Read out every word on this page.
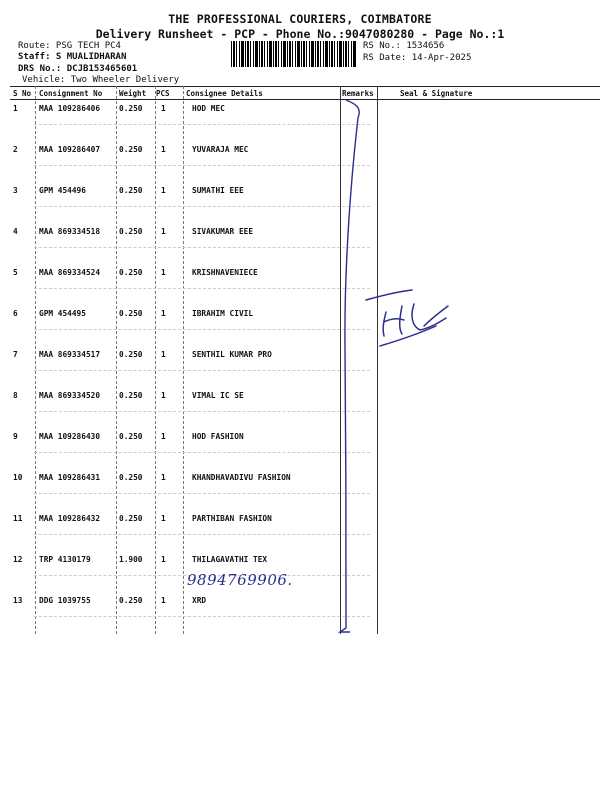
THE PROFESSIONAL COURIERS, COIMBATORE
Delivery Runsheet - PCP - Phone No.:9047080280 - Page No.:1
Route: PSG TECH PC4
Staff: S MUALIDHARAN
DRS No.: DCJB153465601
Vehicle: Two Wheeler Delivery
RS No.: 1534656
RS Date: 14-Apr-2025
S No Consignment No Weight PCS Consignee Details	Remarks	Seal & Signature
1	MAA 109286406 0.250 1	HOD MEC
2	MAA 109286407 0.250 1	YUVARAJA MEC
3	GPM 454496	0.250 1	SUMATHI EEE
4	MAA 869334518 0.250 1	SIVAKUMAR EEE
5	MAA 869334524 0.250 1	KRISHNAVENIECE
6	GPM 454495	0.250 1	IBRAHIM CIVIL
7	MAA 869334517 0.250 1	SENTHIL KUMAR PRO
8	MAA 869334520 0.250 1	VIMAL IC SE
9	MAA 109286430 0.250 1	HOD FASHION
10 MAA 109286431 0.250 1	KHANDHAVADIVU FASHION
11 MAA 109286432 0.250 1	PARTHIBAN FASHION
12 TRP 4130179	1.900 1	THILAGAVATHI TEX
13 DDG 1039755	0.250 1	XRD
9894769906.
